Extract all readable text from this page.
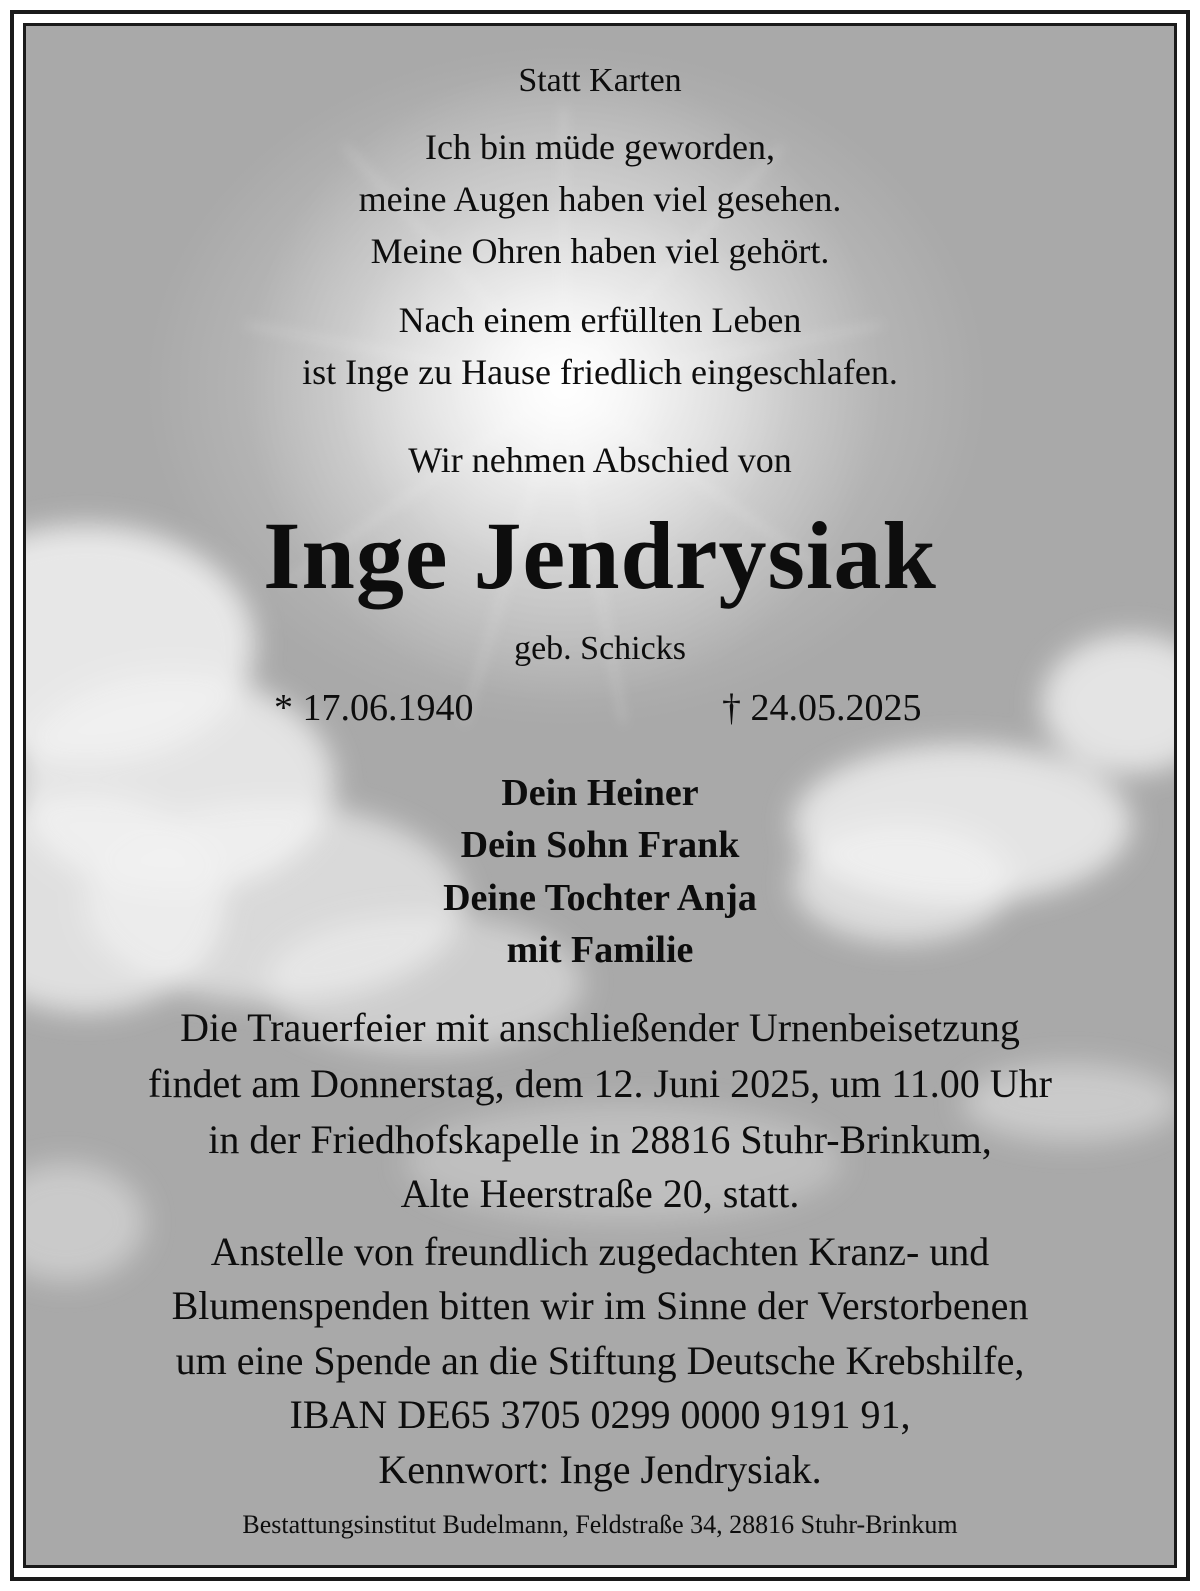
Statt Karten
Ich bin müde geworden,
meine Augen haben viel gesehen.
Meine Ohren haben viel gehört.
Nach einem erfüllten Leben
ist Inge zu Hause friedlich eingeschlafen.
Wir nehmen Abschied von
Inge Jendrysiak
geb. Schicks
* 17.06.1940	† 24.05.2025
Dein Heiner
Dein Sohn Frank
Deine Tochter Anja
mit Familie
Die Trauerfeier mit anschließender Urnenbeisetzung
findet am Donnerstag, dem 12. Juni 2025, um 11.00 Uhr
in der Friedhofskapelle in 28816 Stuhr-Brinkum,
Alte Heerstraße 20, statt.
Anstelle von freundlich zugedachten Kranz- und
Blumenspenden bitten wir im Sinne der Verstorbenen
um eine Spende an die Stiftung Deutsche Krebshilfe,
IBAN DE65 3705 0299 0000 9191 91,
Kennwort: Inge Jendrysiak.
Bestattungsinstitut Budelmann, Feldstraße 34, 28816 Stuhr-Brinkum
